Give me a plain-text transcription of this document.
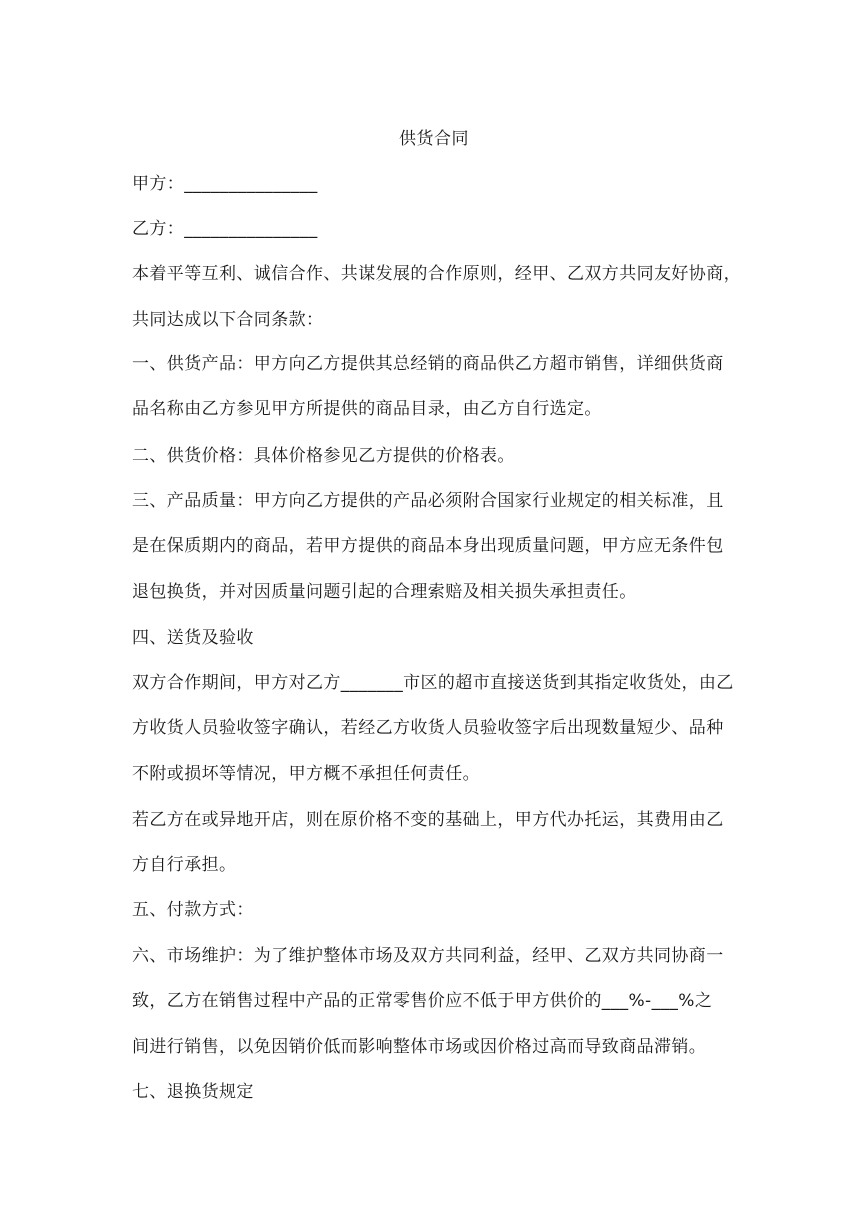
供货合同
甲方：_______________
乙方：_______________
本着平等互利、诚信合作、共谋发展的合作原则，经甲、乙双方共同友好协商，
共同达成以下合同条款：
一、供货产品：甲方向乙方提供其总经销的商品供乙方超市销售，详细供货商
品名称由乙方参见甲方所提供的商品目录，由乙方自行选定。
二、供货价格：具体价格参见乙方提供的价格表。
三、产品质量：甲方向乙方提供的产品必须附合国家行业规定的相关标准，且
是在保质期内的商品，若甲方提供的商品本身出现质量问题，甲方应无条件包
退包换货，并对因质量问题引起的合理索赔及相关损失承担责任。
四、送货及验收
双方合作期间，甲方对乙方_______市区的超市直接送货到其指定收货处，由乙
方收货人员验收签字确认，若经乙方收货人员验收签字后出现数量短少、品种
不附或损坏等情况，甲方概不承担任何责任。
若乙方在或异地开店，则在原价格不变的基础上，甲方代办托运，其费用由乙
方自行承担。
五、付款方式：
六、市场维护：为了维护整体市场及双方共同利益，经甲、乙双方共同协商一
致，乙方在销售过程中产品的正常零售价应不低于甲方供价的___%-___%之
间进行销售，以免因销价低而影响整体市场或因价格过高而导致商品滞销。
七、退换货规定
